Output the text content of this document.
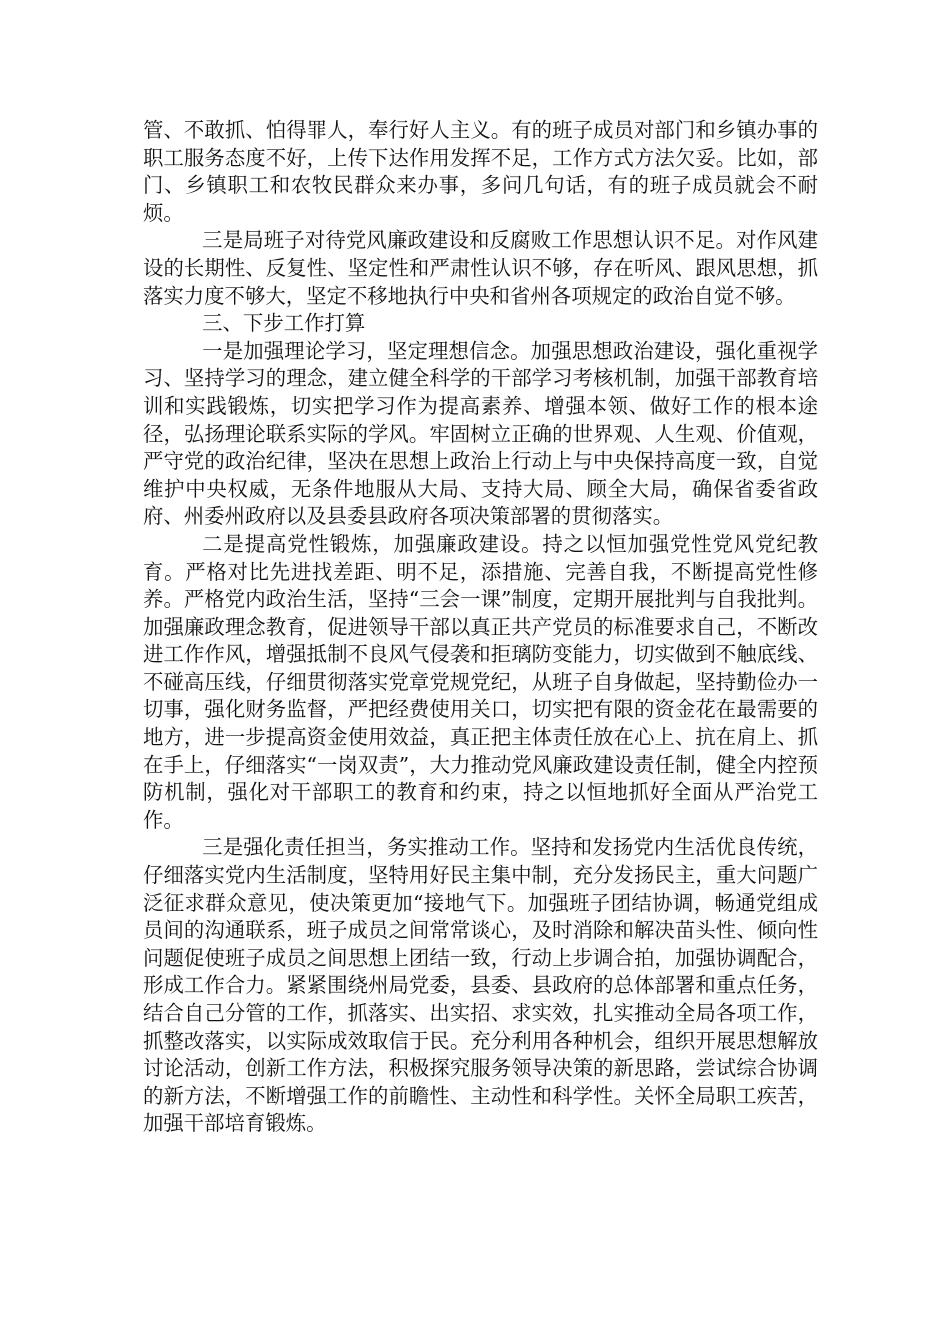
管、不敢抓、怕得罪人，奉行好人主义。有的班子成员对部门和乡镇办事的职工服务态度不好，上传下达作用发挥不足，工作方式方法欠妥。比如，部门、乡镇职工和农牧民群众来办事，多问几句话，有的班子成员就会不耐烦。

三是局班子对待党风廉政建设和反腐败工作思想认识不足。对作风建设的长期性、反复性、坚定性和严肃性认识不够，存在听风、跟风思想，抓落实力度不够大，坚定不移地执行中央和省州各项规定的政治自觉不够。

三、下步工作打算

一是加强理论学习，坚定理想信念。加强思想政治建设，强化重视学习、坚持学习的理念，建立健全科学的干部学习考核机制，加强干部教育培训和实践锻炼，切实把学习作为提高素养、增强本领、做好工作的根本途径，弘扬理论联系实际的学风。牢固树立正确的世界观、人生观、价值观，严守党的政治纪律，坚决在思想上政治上行动上与中央保持高度一致，自觉维护中央权威，无条件地服从大局、支持大局、顾全大局，确保省委省政府、州委州政府以及县委县政府各项决策部署的贯彻落实。

二是提高党性锻炼，加强廉政建设。持之以恒加强党性党风党纪教育。严格对比先进找差距、明不足，添措施、完善自我，不断提高党性修养。严格党内政治生活，坚持“三会一课”制度，定期开展批判与自我批判。加强廉政理念教育，促进领导干部以真正共产党员的标准要求自己，不断改进工作作风，增强抵制不良风气侵袭和拒璃防变能力，切实做到不触底线、不碰高压线，仔细贯彻落实党章党规党纪，从班子自身做起，坚持勤俭办一切事，强化财务监督，严把经费使用关口，切实把有限的资金花在最需要的地方，进一步提高资金使用效益，真正把主体责任放在心上、抗在肩上、抓在手上，仔细落实“一岗双责”，大力推动党风廉政建设责任制，健全内控预防机制，强化对干部职工的教育和约束，持之以恒地抓好全面从严治党工作。

三是强化责任担当，务实推动工作。坚持和发扬党内生活优良传统，仔细落实党内生活制度，坚特用好民主集中制，充分发扬民主，重大问题广泛征求群众意见，使决策更加“接地气下。加强班子团结协调，畅通党组成员间的沟通联系，班子成员之间常常谈心，及时消除和解决苗头性、倾向性问题促使班子成员之间思想上团结一致，行动上步调合拍，加强协调配合，形成工作合力。紧紧围绕州局党委，县委、县政府的总体部署和重点任务，结合自己分管的工作，抓落实、出实招、求实效，扎实推动全局各项工作，抓整改落实，以实际成效取信于民。充分利用各种机会，组织开展思想解放讨论活动，创新工作方法，积极探究服务领导决策的新思路，尝试综合协调的新方法，不断增强工作的前瞻性、主动性和科学性。关怀全局职工疾苦，加强干部培育锻炼。
